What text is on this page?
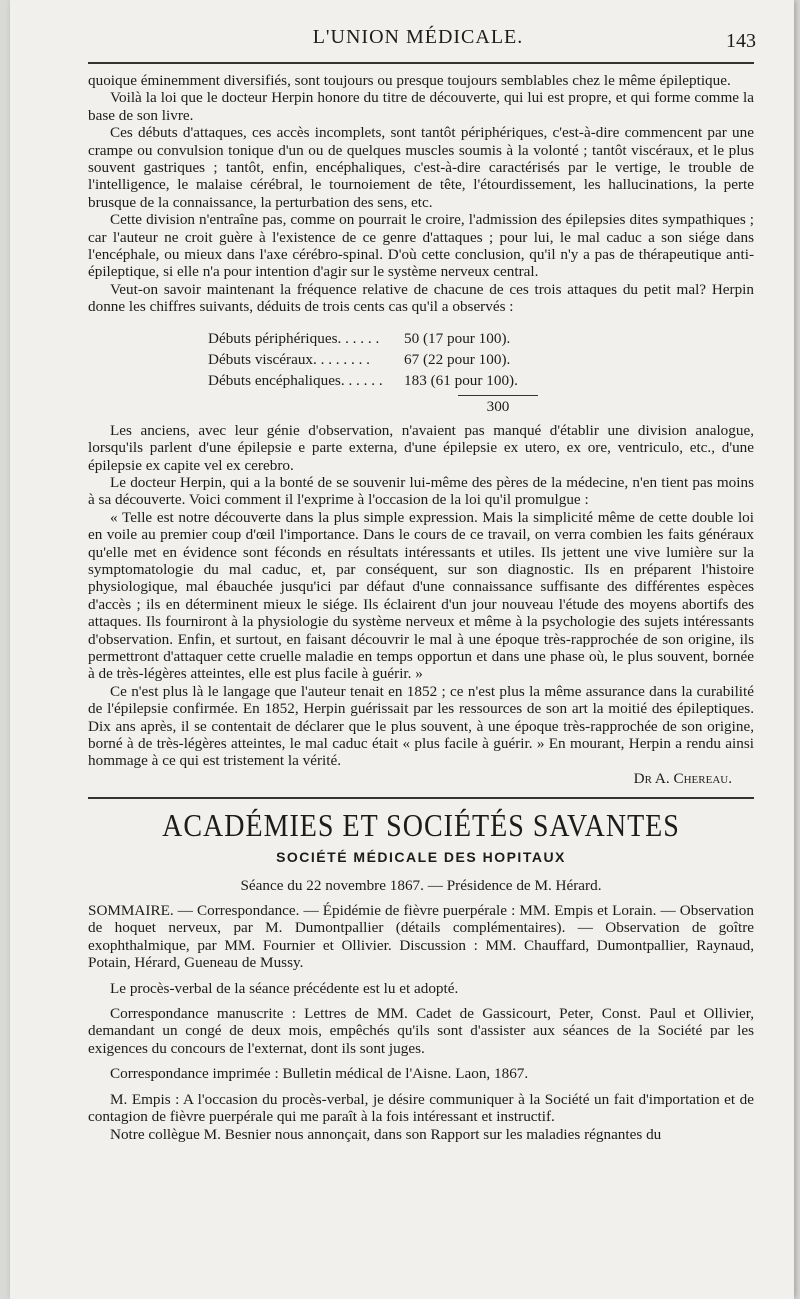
L'UNION MÉDICALE.	143

quoique éminemment diversifiés, sont toujours ou presque toujours semblables chez le même épileptique.

Voilà la loi que le docteur Herpin honore du titre de découverte, qui lui est propre, et qui forme comme la base de son livre.

Ces débuts d'attaques, ces accès incomplets, sont tantôt périphériques, c'est-à-dire commencent par une crampe ou convulsion tonique d'un ou de quelques muscles soumis à la volonté ; tantôt viscéraux, et le plus souvent gastriques ; tantôt, enfin, encéphaliques, c'est-à-dire caractérisés par le vertige, le trouble de l'intelligence, le malaise cérébral, le tournoiement de tête, l'étourdissement, les hallucinations, la perte brusque de la connaissance, la perturbation des sens, etc.

Cette division n'entraîne pas, comme on pourrait le croire, l'admission des épilepsies dites sympathiques ; car l'auteur ne croit guère à l'existence de ce genre d'attaques ; pour lui, le mal caduc a son siége dans l'encéphale, ou mieux dans l'axe cérébro-spinal. D'où cette conclusion, qu'il n'y a pas de thérapeutique anti-épileptique, si elle n'a pour intention d'agir sur le système nerveux central.

Veut-on savoir maintenant la fréquence relative de chacune de ces trois attaques du petit mal? Herpin donne les chiffres suivants, déduits de trois cents cas qu'il a observés :

Débuts périphériques. . . . . .	50 (17 pour 100).
Débuts viscéraux. . . . . . . .	67 (22 pour 100).
Débuts encéphaliques. . . . . .	183 (61 pour 100).
300

Les anciens, avec leur génie d'observation, n'avaient pas manqué d'établir une division analogue, lorsqu'ils parlent d'une épilepsie e parte externa, d'une épilepsie ex utero, ex ore, ventriculo, etc., d'une épilepsie ex capite vel ex cerebro.

Le docteur Herpin, qui a la bonté de se souvenir lui-même des pères de la médecine, n'en tient pas moins à sa découverte. Voici comment il l'exprime à l'occasion de la loi qu'il promulgue :

« Telle est notre découverte dans la plus simple expression. Mais la simplicité même de cette double loi en voile au premier coup d'œil l'importance. Dans le cours de ce travail, on verra combien les faits généraux qu'elle met en évidence sont féconds en résultats intéressants et utiles. Ils jettent une vive lumière sur la symptomatologie du mal caduc, et, par conséquent, sur son diagnostic. Ils en préparent l'histoire physiologique, mal ébauchée jusqu'ici par défaut d'une connaissance suffisante des différentes espèces d'accès ; ils en déterminent mieux le siége. Ils éclairent d'un jour nouveau l'étude des moyens abortifs des attaques. Ils fourniront à la physiologie du système nerveux et même à la psychologie des sujets intéressants d'observation. Enfin, et surtout, en faisant découvrir le mal à une époque très-rapprochée de son origine, ils permettront d'attaquer cette cruelle maladie en temps opportun et dans une phase où, le plus souvent, bornée à de très-légères atteintes, elle est plus facile à guérir. »

Ce n'est plus là le langage que l'auteur tenait en 1852 ; ce n'est plus la même assurance dans la curabilité de l'épilepsie confirmée. En 1852, Herpin guérissait par les ressources de son art la moitié des épileptiques. Dix ans après, il se contentait de déclarer que le plus souvent, à une époque très-rapprochée de son origine, borné à de très-légères atteintes, le mal caduc était « plus facile à guérir. » En mourant, Herpin a rendu ainsi hommage à ce qui est tristement la vérité.

Dr A. Chereau.
ACADÉMIES ET SOCIÉTÉS SAVANTES
SOCIÉTÉ MÉDICALE DES HOPITAUX
Séance du 22 novembre 1867. — Présidence de M. Hérard.

SOMMAIRE. — Correspondance. — Épidémie de fièvre puerpérale : MM. Empis et Lorain. — Observation de hoquet nerveux, par M. Dumontpallier (détails complémentaires). — Observation de goître exophthalmique, par MM. Fournier et Ollivier. Discussion : MM. Chauffard, Dumontpallier, Raynaud, Potain, Hérard, Gueneau de Mussy.

Le procès-verbal de la séance précédente est lu et adopté.

Correspondance manuscrite : Lettres de MM. Cadet de Gassicourt, Peter, Const. Paul et Ollivier, demandant un congé de deux mois, empêchés qu'ils sont d'assister aux séances de la Société par les exigences du concours de l'externat, dont ils sont juges.

Correspondance imprimée : Bulletin médical de l'Aisne. Laon, 1867.

M. Empis : A l'occasion du procès-verbal, je désire communiquer à la Société un fait d'importation et de contagion de fièvre puerpérale qui me paraît à la fois intéressant et instructif.

Notre collègue M. Besnier nous annonçait, dans son Rapport sur les maladies régnantes du
